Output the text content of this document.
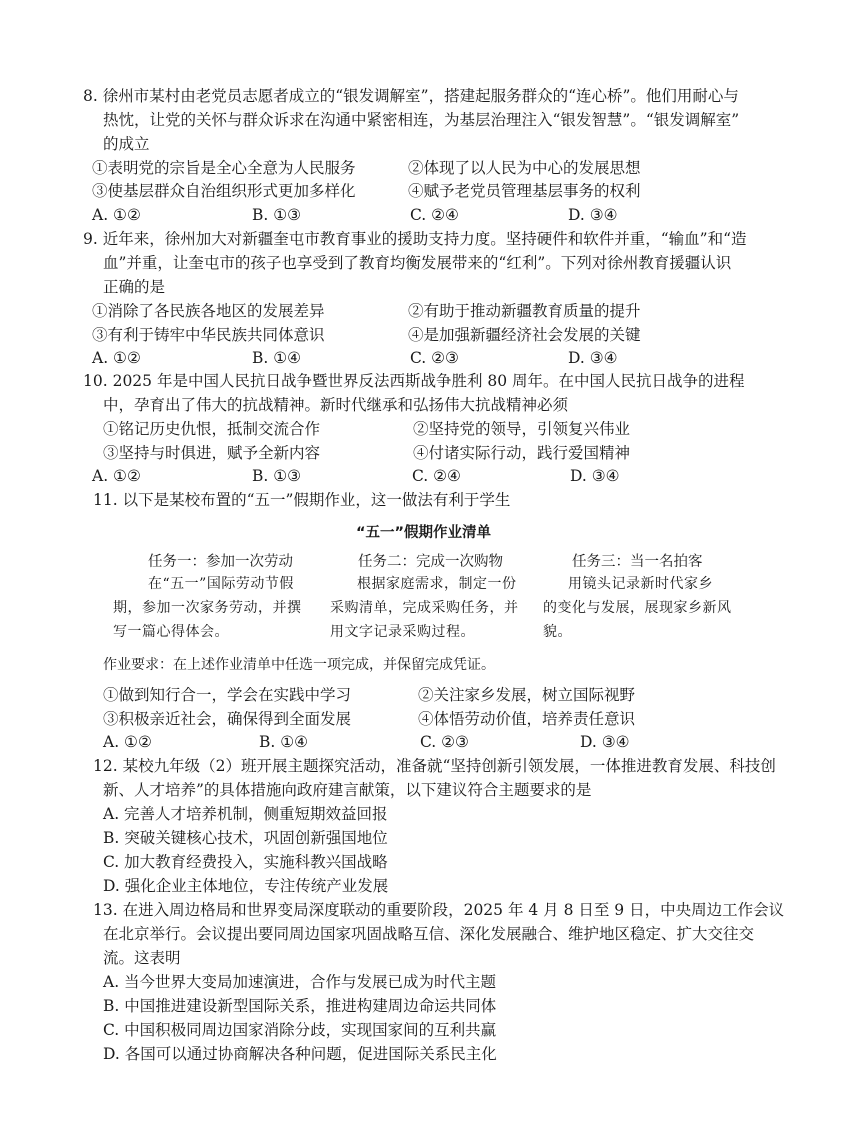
8. 徐州市某村由老党员志愿者成立的“银发调解室”，搭建起服务群众的“连心桥”。他们用耐心与
热忱，让党的关怀与群众诉求在沟通中紧密相连，为基层治理注入“银发智慧”。“银发调解室”
的成立
①表明党的宗旨是全心全意为人民服务	②体现了以人民为中心的发展思想
③使基层群众自治组织形式更加多样化	④赋予老党员管理基层事务的权利
A. ①②	B. ①③	C. ②④	D. ③④
9. 近年来，徐州加大对新疆奎屯市教育事业的援助支持力度。坚持硬件和软件并重，“输血”和“造
血”并重，让奎屯市的孩子也享受到了教育均衡发展带来的“红利”。下列对徐州教育援疆认识
正确的是
①消除了各民族各地区的发展差异	②有助于推动新疆教育质量的提升
③有利于铸牢中华民族共同体意识	④是加强新疆经济社会发展的关键
A. ①②	B. ①④	C. ②③	D. ③④
10. 2025 年是中国人民抗日战争暨世界反法西斯战争胜利 80 周年。在中国人民抗日战争的进程
中，孕育出了伟大的抗战精神。新时代继承和弘扬伟大抗战精神必须
①铭记历史仇恨，抵制交流合作	②坚持党的领导，引领复兴伟业
③坚持与时俱进，赋予全新内容	④付诸实际行动，践行爱国精神
A. ①②	B. ①③	C. ②④	D. ③④
11. 以下是某校布置的“五一”假期作业，这一做法有利于学生
“五一”假期作业清单
任务一：参加一次劳动
在“五一”国际劳动节假
期，参加一次家务劳动，并撰
写一篇心得体会。
任务二：完成一次购物
根据家庭需求，制定一份
采购清单，完成采购任务，并
用文字记录采购过程。
任务三：当一名拍客
用镜头记录新时代家乡
的变化与发展，展现家乡新风
貌。
作业要求：在上述作业清单中任选一项完成，并保留完成凭证。
①做到知行合一，学会在实践中学习	②关注家乡发展，树立国际视野
③积极亲近社会，确保得到全面发展	④体悟劳动价值，培养责任意识
A. ①②	B. ①④	C. ②③	D. ③④
12. 某校九年级（2）班开展主题探究活动，准备就“坚持创新引领发展，一体推进教育发展、科技创
新、人才培养”的具体措施向政府建言献策，以下建议符合主题要求的是
A. 完善人才培养机制，侧重短期效益回报
B. 突破关键核心技术，巩固创新强国地位
C. 加大教育经费投入，实施科教兴国战略
D. 强化企业主体地位，专注传统产业发展
13. 在进入周边格局和世界变局深度联动的重要阶段，2025 年 4 月 8 日至 9 日，中央周边工作会议
在北京举行。会议提出要同周边国家巩固战略互信、深化发展融合、维护地区稳定、扩大交往交
流。这表明
A. 当今世界大变局加速演进，合作与发展已成为时代主题
B. 中国推进建设新型国际关系，推进构建周边命运共同体
C. 中国积极同周边国家消除分歧，实现国家间的互利共赢
D. 各国可以通过协商解决各种问题，促进国际关系民主化
